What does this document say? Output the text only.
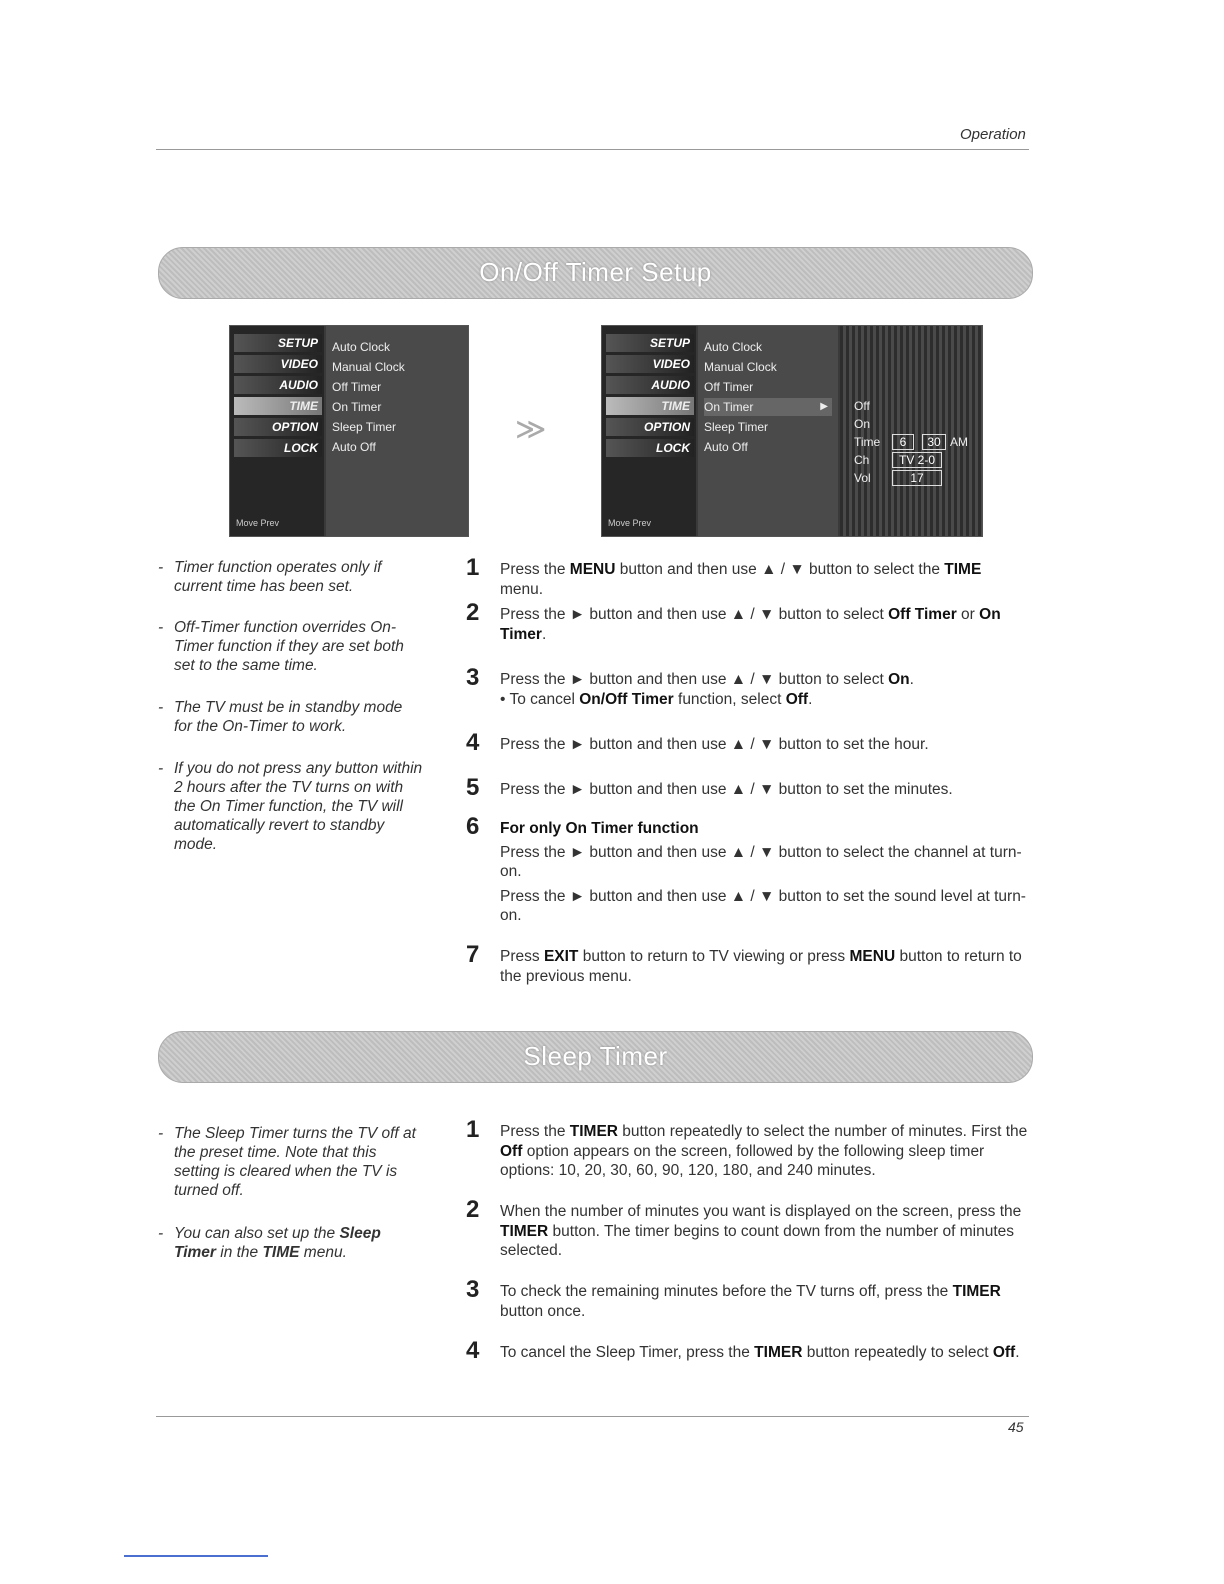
Operation
On/Off Timer Setup
SETUP
VIDEO
AUDIO
TIME
OPTION
LOCK
Move Prev
Auto Clock
Manual Clock
Off Timer
On Timer
Sleep Timer
Auto Off
≫
SETUP
VIDEO
AUDIO
TIME
OPTION
LOCK
Move Prev
Auto Clock
Manual Clock
Off Timer
On Timer	▶
Sleep Timer
Auto Off
Off
On
Time	6	30 AM
Ch	TV 2-0
Vol	17
- Timer function operates only if current time has been set.
- Off-Timer function overrides On-Timer function if they are set both set to the same time.
- The TV must be in standby mode for the On-Timer to work.
- If you do not press any button within 2 hours after the TV turns on with the On Timer function, the TV will automatically revert to standby mode.
1 Press the MENU button and then use ▲ / ▼ button to select the TIME menu.
2 Press the ► button and then use ▲ / ▼ button to select Off Timer or On Timer.
3 Press the ► button and then use ▲ / ▼ button to select On.

• To cancel On/Off Timer function, select Off.

4 Press the ► button and then use ▲ / ▼ button to set the hour.
5 Press the ► button and then use ▲ / ▼ button to set the minutes.
6 For only On Timer function

Press the ► button and then use ▲ / ▼ button to select the channel at turn-on.

Press the ► button and then use ▲ / ▼ button to set the sound level at turn-on.

7 Press EXIT button to return to TV viewing or press MENU button to return to the previous menu.
Sleep Timer
- The Sleep Timer turns the TV off at the preset time. Note that this setting is cleared when the TV is turned off.
- You can also set up the Sleep Timer in the TIME menu.
1 Press the TIMER button repeatedly to select the number of minutes. First the Off option appears on the screen, followed by the following sleep timer options: 10, 20, 30, 60, 90, 120, 180, and 240 minutes.
2 When the number of minutes you want is displayed on the screen, press the TIMER button. The timer begins to count down from the number of minutes selected.
3 To check the remaining minutes before the TV turns off, press the TIMER button once.
4 To cancel the Sleep Timer, press the TIMER button repeatedly to select Off.
45
